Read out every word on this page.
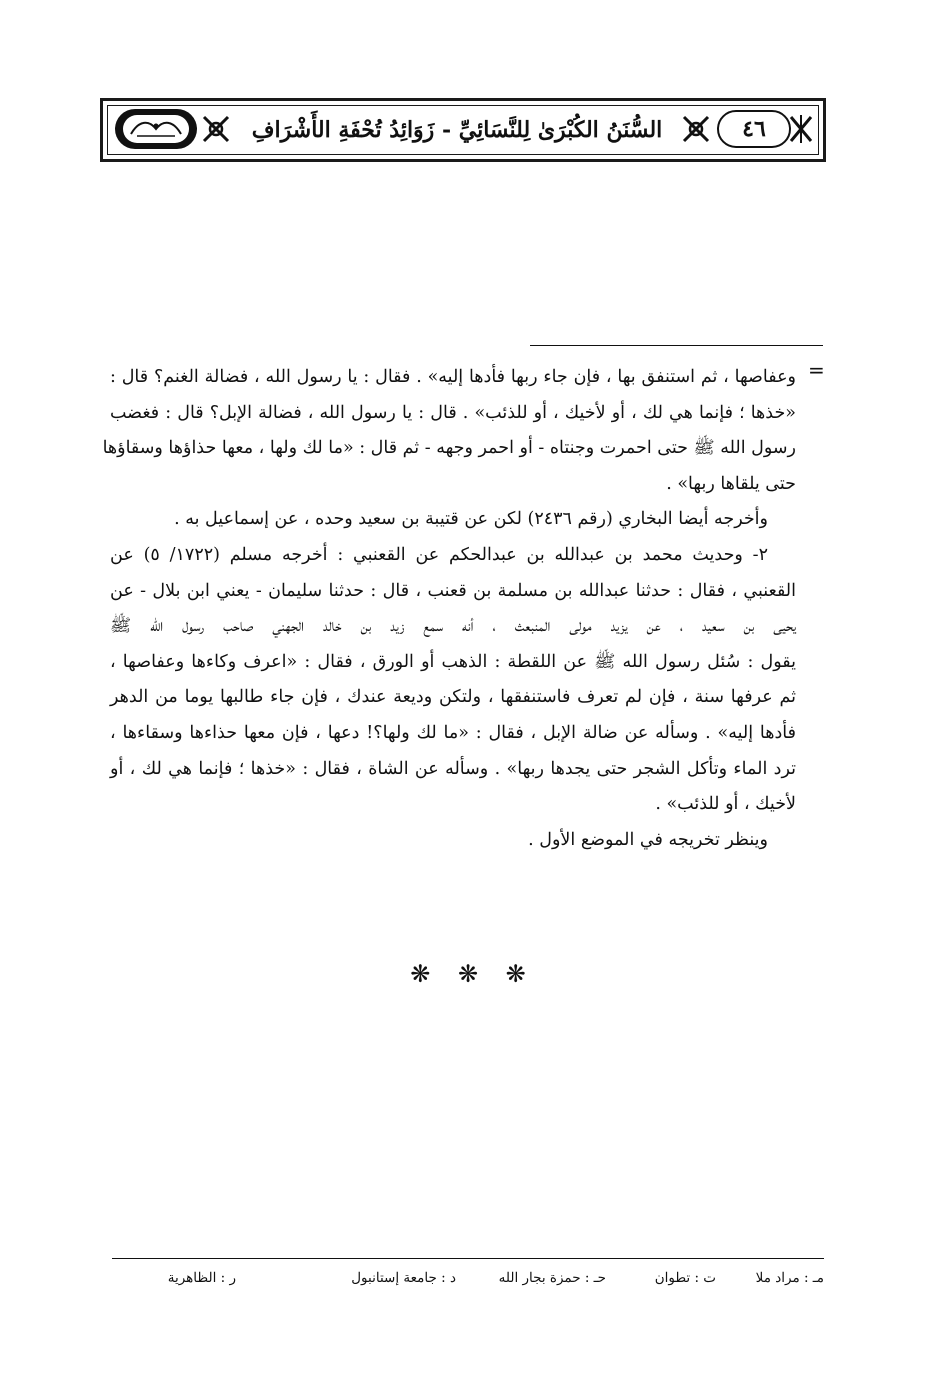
السُّنَنُ الكُبْرَىٰ لِلنَّسَائِيِّ - زَوَائِدُ تُحْفَةِ الأَشْرَافِ	٤٦
=
وعفاصها ، ثم استنفق بها ، فإن جاء ربها فأدها إليه» . فقال : يا رسول الله ، فضالة الغنم؟ قال :
«خذها ؛ فإنما هي لك ، أو لأخيك ، أو للذئب» . قال : يا رسول الله ، فضالة الإبل؟ قال : فغضب
رسول الله ﷺ حتى احمرت وجنتاه - أو احمر وجهه - ثم قال : «ما لك ولها ، معها حذاؤها وسقاؤها
حتى يلقاها ربها» .
وأخرجه أيضا البخاري (رقم ٢٤٣٦) لكن عن قتيبة بن سعيد وحده ، عن إسماعيل به .
٢- وحديث محمد بن عبدالله بن عبدالحكم عن القعنبي : أخرجه مسلم (١٧٢٢/ ٥) عن
القعنبي ، فقال : حدثنا عبدالله بن مسلمة بن قعنب ، قال : حدثنا سليمان - يعني ابن بلال - عن
يحيى بن سعيد ، عن يزيد مولى المنبعث ، أنه سمع زيد بن خالد الجهني صاحب رسول الله ﷺ
يقول : سُئل رسول الله ﷺ عن اللقطة : الذهب أو الورق ، فقال : «اعرف وكاءها وعفاصها ،
ثم عرفها سنة ، فإن لم تعرف فاستنفقها ، ولتكن وديعة عندك ، فإن جاء طالبها يوما من الدهر
فأدها إليه» . وسأله عن ضالة الإبل ، فقال : «ما لك ولها؟! دعها ، فإن معها حذاءها وسقاءها ،
ترد الماء وتأكل الشجر حتى يجدها ربها» . وسأله عن الشاة ، فقال : «خذها ؛ فإنما هي لك ، أو
لأخيك ، أو للذئب» .
وينظر تخريجه في الموضع الأول .
❋ ❋ ❋
مـ : مراد ملا
ت : تطوان
حـ : حمزة بجار الله
د : جامعة إستانبول
ر : الظاهرية
